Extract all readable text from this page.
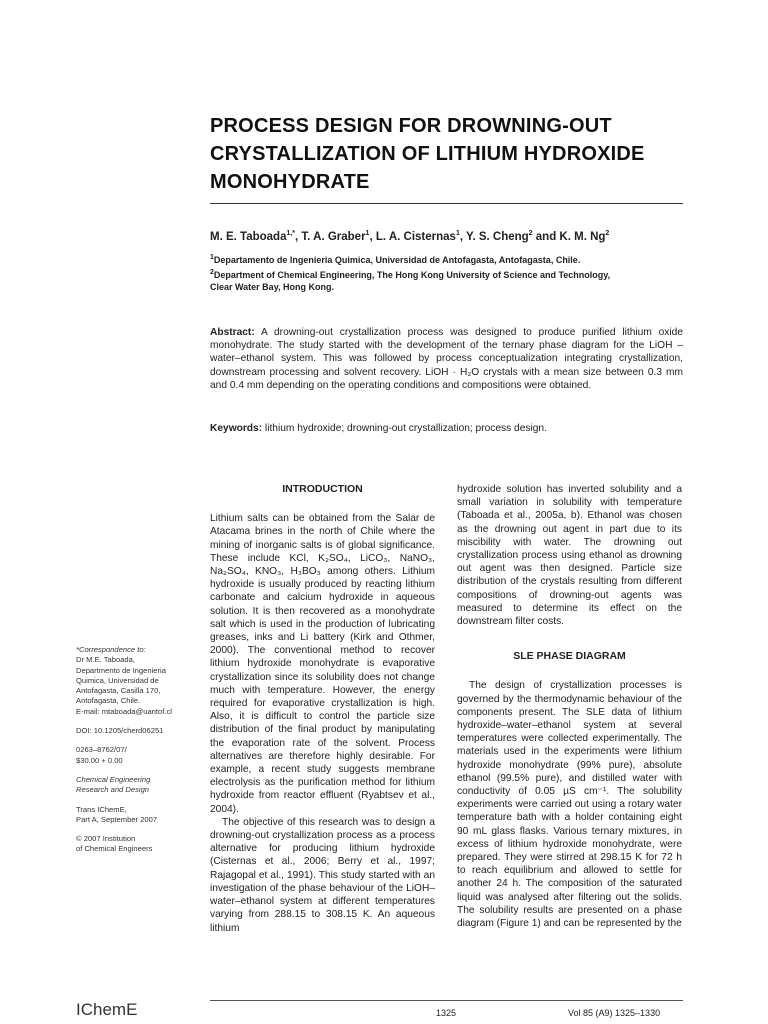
PROCESS DESIGN FOR DROWNING-OUT
CRYSTALLIZATION OF LITHIUM HYDROXIDE
MONOHYDRATE
M. E. Taboada$^{1,*}$, T. A. Graber$^1$, L. A. Cisternas$^1$, Y. S. Cheng$^2$ and K. M. Ng$^2$
$^1$Departamento de Ingenieria Quimica, Universidad de Antofagasta, Antofagasta, Chile.
$^2$Department of Chemical Engineering, The Hong Kong University of Science and Technology,
Clear Water Bay, Hong Kong.
Abstract: A drowning-out crystallization process was designed to produce purified lithium oxide monohydrate. The study started with the development of the ternary phase diagram for the LiOH – water–ethanol system. This was followed by process conceptualization integrating crystallization, downstream processing and solvent recovery. LiOH · H₂O crystals with a mean size between 0.3 mm and 0.4 mm depending on the operating conditions and compositions were obtained.
Keywords: lithium hydroxide; drowning-out crystallization; process design.
INTRODUCTION

Lithium salts can be obtained from the Salar de Atacama brines in the north of Chile where the mining of inorganic salts is of global significance. These include KCl, K₂SO₄, LiCO₃, NaNO₃, Na₂SO₄, KNO₃, H₃BO₃ among others. Lithium hydroxide is usually produced by reacting lithium carbonate and calcium hydroxide in aqueous solution. It is then recovered as a monohydrate salt which is used in the production of lubricating greases, inks and Li battery (Kirk and Othmer, 2000). The conventional method to recover lithium hydroxide monohydrate is evaporative crystallization since its solubility does not change much with temperature. However, the energy required for evaporative crystallization is high. Also, it is difficult to control the particle size distribution of the final product by manipulating the evaporation rate of the solvent. Process alternatives are therefore highly desirable. For example, a recent study suggests membrane electrolysis as the purification method for lithium hydroxide from reactor effluent (Ryabtsev et al., 2004).

The objective of this research was to design a drowning-out crystallization process as a process alternative for producing lithium hydroxide (Cisternas et al., 2006; Berry et al., 1997; Rajagopal et al., 1991). This study started with an investigation of the phase behaviour of the LiOH–water–ethanol system at different temperatures varying from 288.15 to 308.15 K. An aqueous lithium

hydroxide solution has inverted solubility and a small variation in solubility with temperature (Taboada et al., 2005a, b). Ethanol was chosen as the drowning out agent in part due to its miscibility with water. The drowning out crystallization process using ethanol as drowning out agent was then designed. Particle size distribution of the crystals resulting from different compositions of drowning-out agents was measured to determine its effect on the downstream filter costs.

SLE PHASE DIAGRAM

The design of crystallization processes is governed by the thermodynamic behaviour of the components present. The SLE data of lithium hydroxide–water–ethanol system at several temperatures were collected experimentally. The materials used in the experiments were lithium hydroxide monohydrate (99% pure), absolute ethanol (99.5% pure), and distilled water with conductivity of 0.05 µS cm⁻¹. The solubility experiments were carried out using a rotary water temperature bath with a holder containing eight 90 mL glass flasks. Various ternary mixtures, in excess of lithium hydroxide monohydrate, were prepared. They were stirred at 298.15 K for 72 h to reach equilibrium and allowed to settle for another 24 h. The composition of the saturated liquid was analysed after filtering out the solids. The solubility results are presented on a phase diagram (Figure 1) and can be represented by the

*Correspondence to:
Dr M.E. Taboada,
Departmento de Ingenieria
Quimica, Universidad de
Antofagasta, Casilla 170,
Antofagasta, Chile.
E-mail: mtaboada@uantof.cl

DOI: 10.1205/cherd06251

0263–8762/07/
$30.00 + 0.00

Chemical Engineering
Research and Design

Trans IChemE,
Part A, September 2007

© 2007 Institution
of Chemical Engineers

IChemE	1325	Vol 85 (A9) 1325–1330
